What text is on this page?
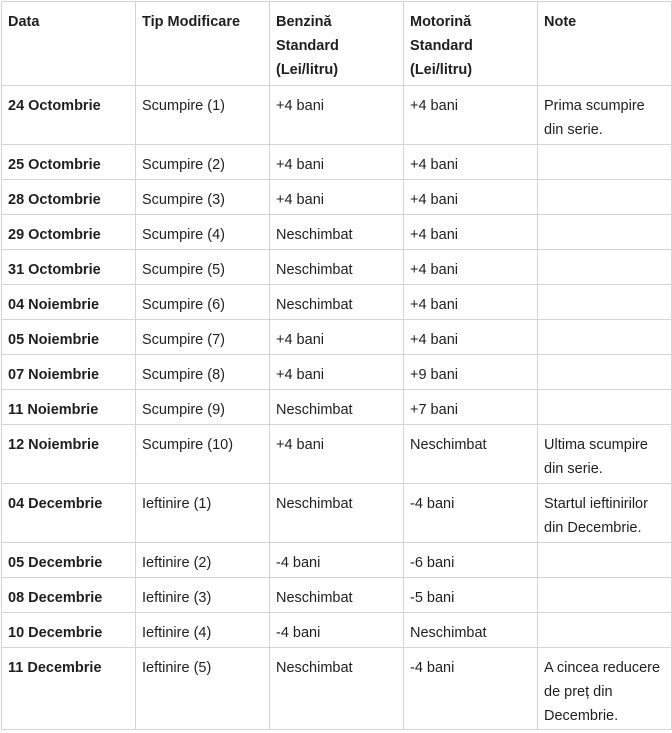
Data	Tip Modificare	Benzină Standard (Lei/litru)	Motorină Standard (Lei/litru)	Note
24 Octombrie	Scumpire (1)	+4 bani	+4 bani	Prima scumpire din serie.
25 Octombrie	Scumpire (2)	+4 bani	+4 bani	
28 Octombrie	Scumpire (3)	+4 bani	+4 bani	
29 Octombrie	Scumpire (4)	Neschimbat	+4 bani	
31 Octombrie	Scumpire (5)	Neschimbat	+4 bani	
04 Noiembrie	Scumpire (6)	Neschimbat	+4 bani	
05 Noiembrie	Scumpire (7)	+4 bani	+4 bani	
07 Noiembrie	Scumpire (8)	+4 bani	+9 bani	
11 Noiembrie	Scumpire (9)	Neschimbat	+7 bani	
12 Noiembrie	Scumpire (10)	+4 bani	Neschimbat	Ultima scumpire din serie.
04 Decembrie	Ieftinire (1)	Neschimbat	-4 bani	Startul ieftinirilor din Decembrie.
05 Decembrie	Ieftinire (2)	-4 bani	-6 bani	
08 Decembrie	Ieftinire (3)	Neschimbat	-5 bani	
10 Decembrie	Ieftinire (4)	-4 bani	Neschimbat	
11 Decembrie	Ieftinire (5)	Neschimbat	-4 bani	A cincea reducere de preț din Decembrie.
